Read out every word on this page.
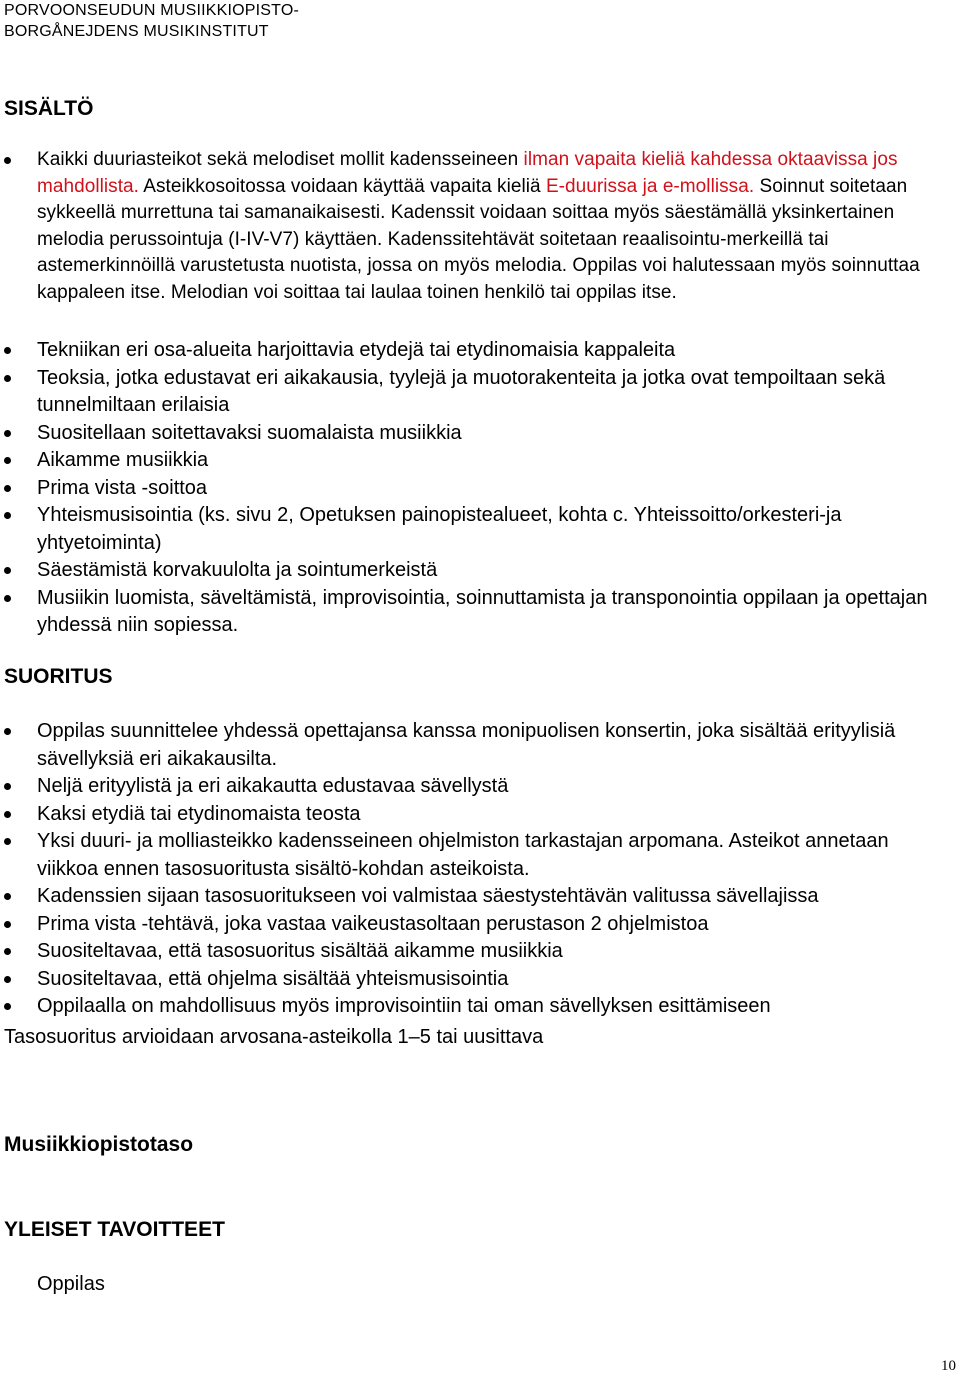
PORVOONSEUDUN MUSIIKKIOPISTO-
BORGÅNEJDENS MUSIKINSTITUT
SISÄLTÖ
Kaikki duuriasteikot sekä melodiset mollit kadensseineen ilman vapaita kieliä kahdessa oktaavissa jos mahdollista. Asteikkosoitossa voidaan käyttää vapaita kieliä E-duurissa ja e-mollissa. Soinnut soitetaan sykkeellä murrettuna tai samanaikaisesti. Kadenssit voidaan soittaa myös säestämällä yksinkertainen melodia perussointuja (I-IV-V7) käyttäen. Kadenssitehtävät soitetaan reaalisointu-merkeillä tai astemerkinnöillä varustetusta nuotista, jossa on myös melodia. Oppilas voi halutessaan myös soinnuttaa kappaleen itse. Melodian voi soittaa tai laulaa toinen henkilö tai oppilas itse.
Tekniikan eri osa-alueita harjoittavia etydejä tai etydinomaisia kappaleita
Teoksia, jotka edustavat eri aikakausia, tyylejä ja muotorakenteita ja jotka ovat tempoiltaan sekä tunnelmiltaan erilaisia
Suositellaan soitettavaksi suomalaista musiikkia
Aikamme musiikkia
Prima vista -soittoa
Yhteismusisointia (ks. sivu 2, Opetuksen painopistealueet, kohta c. Yhteissoitto/orkesteri-ja yhtyetoiminta)
Säestämistä korvakuulolta ja sointumerkeistä
Musiikin luomista, säveltämistä, improvisointia, soinnuttamista ja transponointia oppilaan ja opettajan yhdessä niin sopiessa.
SUORITUS
Oppilas suunnittelee yhdessä opettajansa kanssa monipuolisen konsertin, joka sisältää erityylisiä sävellyksiä eri aikakausilta.
Neljä erityylistä ja eri aikakautta edustavaa sävellystä
Kaksi etydiä tai etydinomaista teosta
Yksi duuri- ja molliasteikko kadensseineen ohjelmiston tarkastajan arpomana. Asteikot annetaan viikkoa ennen tasosuoritusta sisältö-kohdan asteikoista.
Kadenssien sijaan tasosuoritukseen voi valmistaa säestystehtävän valitussa sävellajissa
Prima vista -tehtävä, joka vastaa vaikeustasoltaan perustason 2 ohjelmistoa
Suositeltavaa, että tasosuoritus sisältää aikamme musiikkia
Suositeltavaa, että ohjelma sisältää yhteismusisointia
Oppilaalla on mahdollisuus myös improvisointiin tai oman sävellyksen esittämiseen
Tasosuoritus arvioidaan arvosana-asteikolla 1–5 tai uusittava
Musiikkiopistotaso
YLEISET TAVOITTEET
Oppilas
10
